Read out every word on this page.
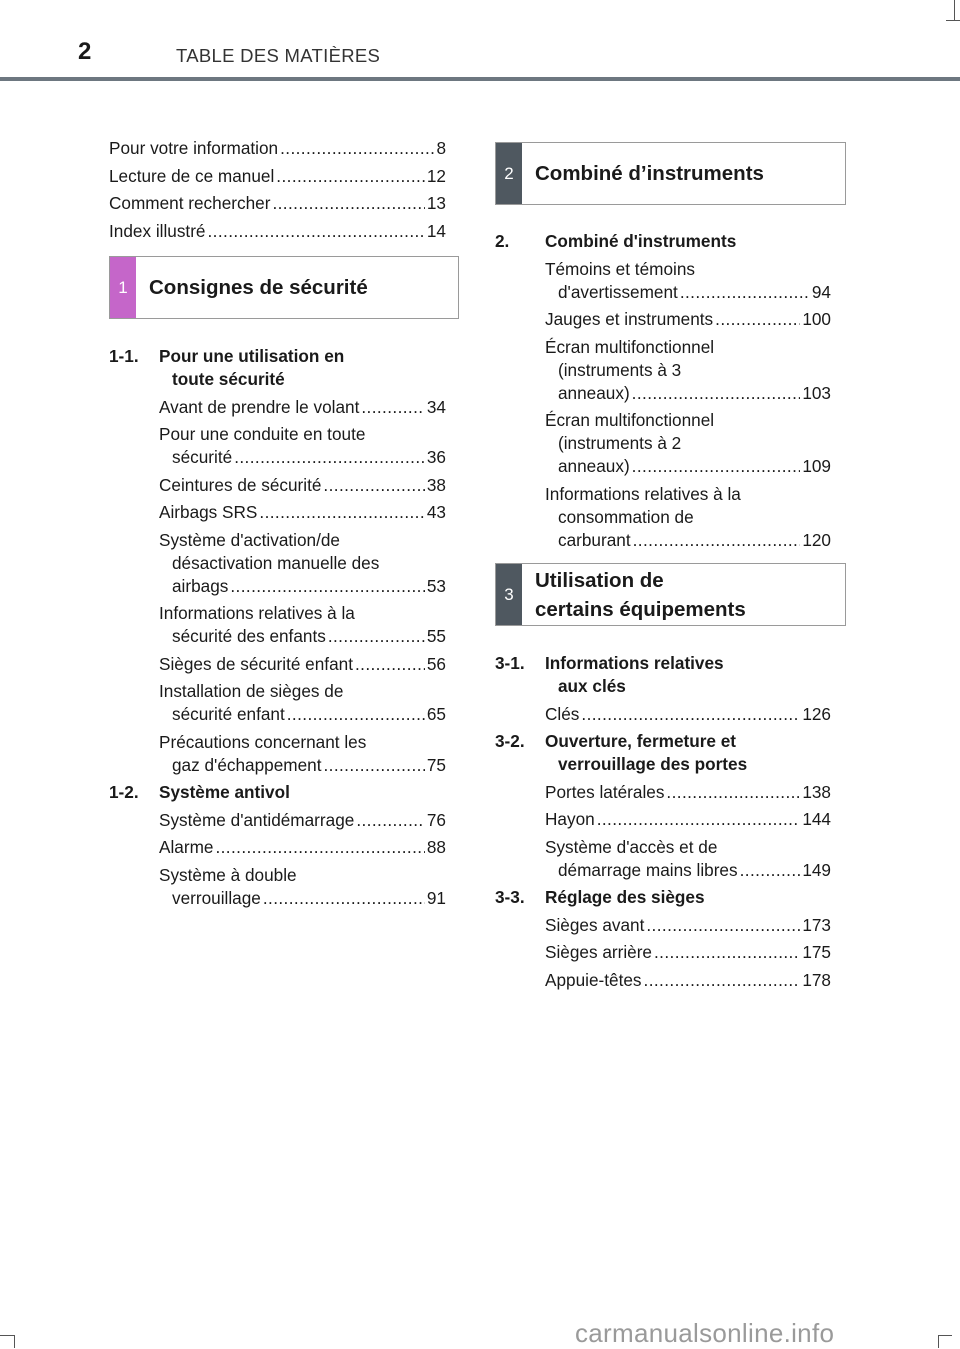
2	TABLE DES MATIÈRES
Pour votre information .....	8
Lecture de ce manuel .....	12
Comment rechercher .....	13
Index illustré .....	14
1	Consignes de sécurité
1-1.	Pour une utilisation en
toute sécurité
Avant de prendre le volant .....	34
Pour une conduite en toute
sécurité .....	36
Ceintures de sécurité .....	38
Airbags SRS .....	43
Système d'activation/de
désactivation manuelle des
airbags .....	53
Informations relatives à la
sécurité des enfants .....	55
Sièges de sécurité enfant .....	56
Installation de sièges de
sécurité enfant .....	65
Précautions concernant les
gaz d'échappement .....	75
1-2.	Système antivol
Système d'antidémarrage .....	76
Alarme .....	88
Système à double
verrouillage .....	91
2	Combiné d’instruments
2.	Combiné d'instruments
Témoins et témoins
d'avertissement .....	94
Jauges et instruments .....	100
Écran multifonctionnel
(instruments à 3
anneaux) .....	103
Écran multifonctionnel
(instruments à 2
anneaux) .....	109
Informations relatives à la
consommation de
carburant .....	120
3
Utilisation de
certains équipements
3-1.	Informations relatives
aux clés
Clés .....	126
3-2.	Ouverture, fermeture et
verrouillage des portes
Portes latérales .....	138
Hayon .....	144
Système d'accès et de
démarrage mains libres .....	149
3-3.	Réglage des sièges
Sièges avant .....	173
Sièges arrière .....	175
Appuie-têtes .....	178
carmanualsonline.info
